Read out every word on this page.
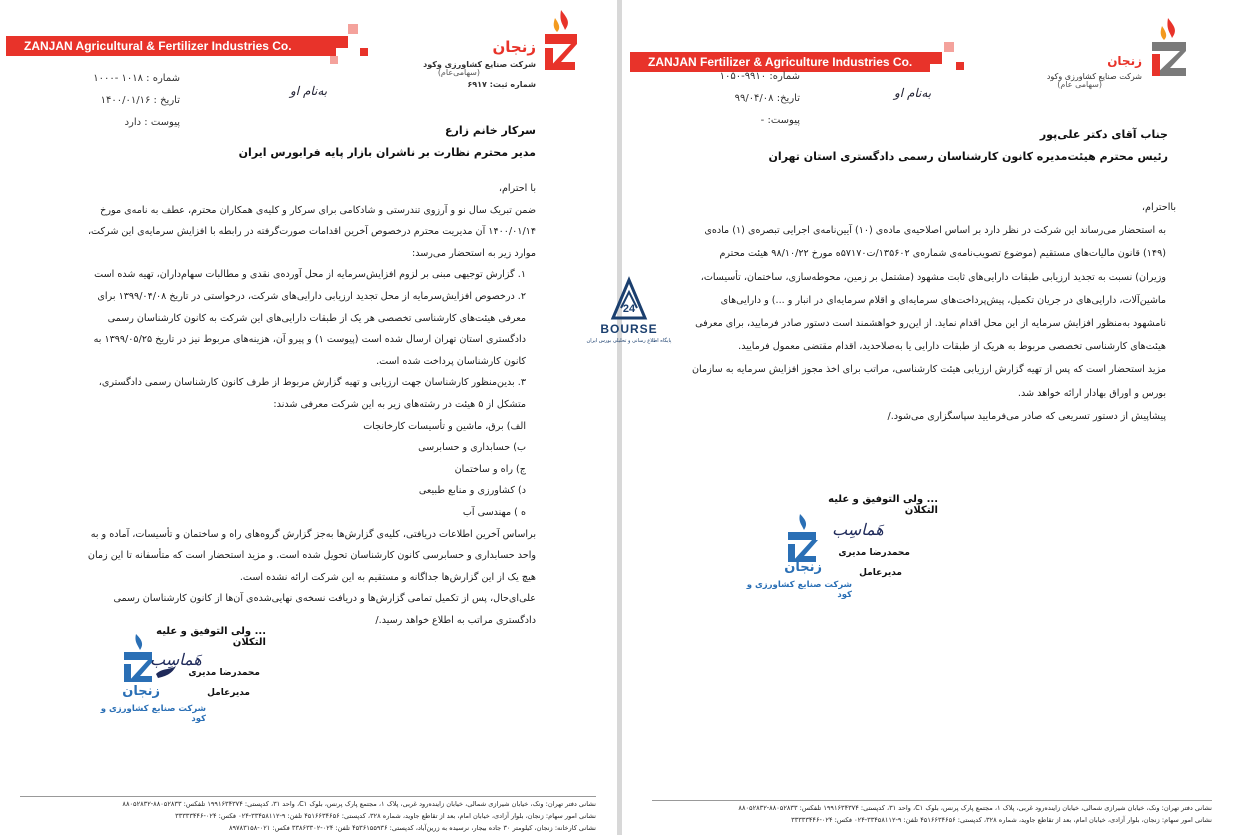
ZANJAN Agricultural & Fertilizer Industries Co.	زنجان
شرکت صنایع کشاورزی وکود
(سهامی‌عام)
شماره ثبت: ۶۹۱۷
شماره : ۱۰۱۸ -۱۰۰۰
تاریخ : ۱۴۰۰/۰۱/۱۶
پیوست : دارد
به‌نام او
سرکار خانم زارع
مدیر محترم نظارت بر ناشران بازار پایه فرابورس ایران

با احترام،

ضمن تبریک سال نو و آرزوی تندرستی و شادکامی برای سرکار و کلیه‌ی همکاران محترم، عطف به نامه‌ی مورخ ۱۴۰۰/۰۱/۱۴ آن مدیریت محترم درخصوص آخرین اقدامات صورت‌گرفته در رابطه با افزایش سرمایه‌ی این شرکت، موارد زیر به استحضار می‌رسد:

۱. گزارش توجیهی مبنی بر لزوم افزایش‌سرمایه از محل آورده‌ی نقدی و مطالبات سهام‌داران، تهیه شده است

۲. درخصوص افزایش‌سرمایه از محل تجدید ارزیابی دارایی‌های شرکت، درخواستی در تاریخ ۱۳۹۹/۰۴/۰۸ برای معرفی هیئت‌های کارشناسی تخصصی هر یک از طبقات دارایی‌های این شرکت به کانون کارشناسان رسمی دادگستری استان تهران ارسال شده است (پیوست ۱) و پیرو آن، هزینه‌های مربوط نیز در تاریخ ۱۳۹۹/۰۵/۲۵ به کانون کارشناسان پرداخت شده است.

۳. بدین‌منظور کارشناسان جهت ارزیابی و تهیه گزارش مربوط از طرف کانون کارشناسان رسمی دادگستری، متشکل از ۵ هیئت در رشته‌های زیر به این شرکت معرفی شدند:

الف) برق، ماشین و تأسیسات کارخانجات

ب) حسابداری و حسابرسی

ج) راه و ساختمان

د) کشاورزی و منابع طبیعی

ه ) مهندسی آب

براساس آخرین اطلاعات دریافتی، کلیه‌ی گزارش‌ها به‌جز گزارش گروه‌های راه و ساختمان و تأسیسات، آماده و به واحد حسابداری و حسابرسی کانون کارشناسان تحویل شده است. و مزید استحضار است که متأسفانه تا این زمان هیچ یک از این گزارش‌ها جداگانه و مستقیم به این شرکت ارائه نشده است.

علی‌ای‌حال، پس از تکمیل تمامی گزارش‌ها و دریافت نسخه‌ی نهایی‌شده‌ی آن‌ها از کانون کارشناسان رسمی دادگستری مراتب به اطلاع خواهد رسید./

... ولی التوفیق و علیه التکلان
ھَماسِب
زنجان
محمدرضا مدیری
مدیرعامل
شرکت صنایع کشاورزی و کود
نشانی دفتر تهران: ونک، خیابان شیرازی شمالی، خیابان زاینده‌رود غربی، پلاک ۱، مجتمع پارک پرنس، بلوک C۱، واحد ۳۱، کدپستی: ۱۹۹۱۶۳۴۳۷۴ تلفکس: ۸۸۰۵۲۸۳۳-۸۸۰۵۲۸۳۲
نشانی امور سهام: زنجان، بلوار آزادی، خیابان امام، بعد از تقاطع جاوید، شماره ۳۲۸، کدپستی: ۴۵۱۶۶۳۴۶۵۶ تلفن: ۹-۳۳۴۵۸۱۱۲-۰۲۴ فکس: ۰۲۴-۳۳۳۳۳۴۴۶
نشانی کارخانه: زنجان، کیلومتر ۳۰ جاده بیجار، نرسیده به زرین‌آباد، کدپستی: ۴۵۳۶۱۵۵۹۳۶ تلفن: ۰۲۴-۳۳۸۶۳۳۰۲ فکس: ۰۲۱-۸۹۷۸۳۱۵۸
ZANJAN Fertilizer & Agriculture Industries Co.	زنجان
شرکت صنایع کشاورزی وکود
(سهامی عام)
شماره: ۹۹۱۰-۱۰۵۰
تاریخ: ۹۹/۰۴/۰۸
پیوست: -
به‌نام او
جناب آقای دکتر علی‌پور
رئیس محترم هیئت‌مدیره کانون کارشناسان رسمی دادگستری استان تهران

بااحترام،

به استحضار می‌رساند این شرکت در نظر دارد بر اساس اصلاحیه‌ی ماده‌ی (۱۰) آیین‌نامه‌ی اجرایی تبصره‌ی (۱) ماده‌ی (۱۴۹) قانون مالیات‌های مستقیم (موضوع تصویب‌نامه‌ی شماره‌ی ۱۳۵۶۰۲/ت۵۷۱۷۰ه مورخ ۹۸/۱۰/۲۲ هیئت محترم وزیران) نسبت به تجدید ارزیابی طبقات دارایی‌های ثابت مشهود (مشتمل بر زمین، محوطه‌سازی، ساختمان، تأسیسات، ماشین‌آلات، دارایی‌های در جریان تکمیل، پیش‌پرداخت‌های سرمایه‌ای و اقلام سرمایه‌ای در انبار و ...) و دارایی‌های نامشهود به‌منظور افزایش سرمایه از این محل اقدام نماید. از این‌رو خواهشمند است دستور صادر فرمایید، برای معرفی هیئت‌های کارشناسی تخصصی مربوط به هریک از طبقات دارایی یا به‌صلاحدید، اقدام مقتضی معمول فرمایید.

مزید استحضار است که پس از تهیه گزارش ارزیابی هیئت کارشناسی، مراتب برای اخذ مجوز افزایش سرمایه به سازمان بورس و اوراق بهادار ارائه خواهد شد.

پیشاپیش از دستور تسریعی که صادر می‌فرمایید سپاسگزاری می‌شود./

... ولی التوفیق و علیه التکلان
ھَماسِب
زنجان
محمدرضا مدیری
مدیرعامل
شرکت صنایع کشاورزی و کود
نشانی دفتر تهران: ونک، خیابان شیرازی شمالی، خیابان زاینده‌رود غربی، پلاک ۱، مجتمع پارک پرنس، بلوک C۱، واحد ۳۱، کدپستی: ۱۹۹۱۶۳۴۳۷۴ تلفکس: ۸۸۰۵۲۸۳۳-۸۸۰۵۲۸۳۲
نشانی امور سهام: زنجان، بلوار آزادی، خیابان امام، بعد از تقاطع جاوید، شماره ۳۲۸، کدپستی: ۴۵۱۶۶۳۴۶۵۶ تلفن: ۹-۳۳۴۵۸۱۱۲-۰۲۴ فکس: ۰۲۴-۳۳۳۳۳۴۴۶
24
BOURSE
پایگاه اطلاع رسانی و تحلیلی بورس ایران
